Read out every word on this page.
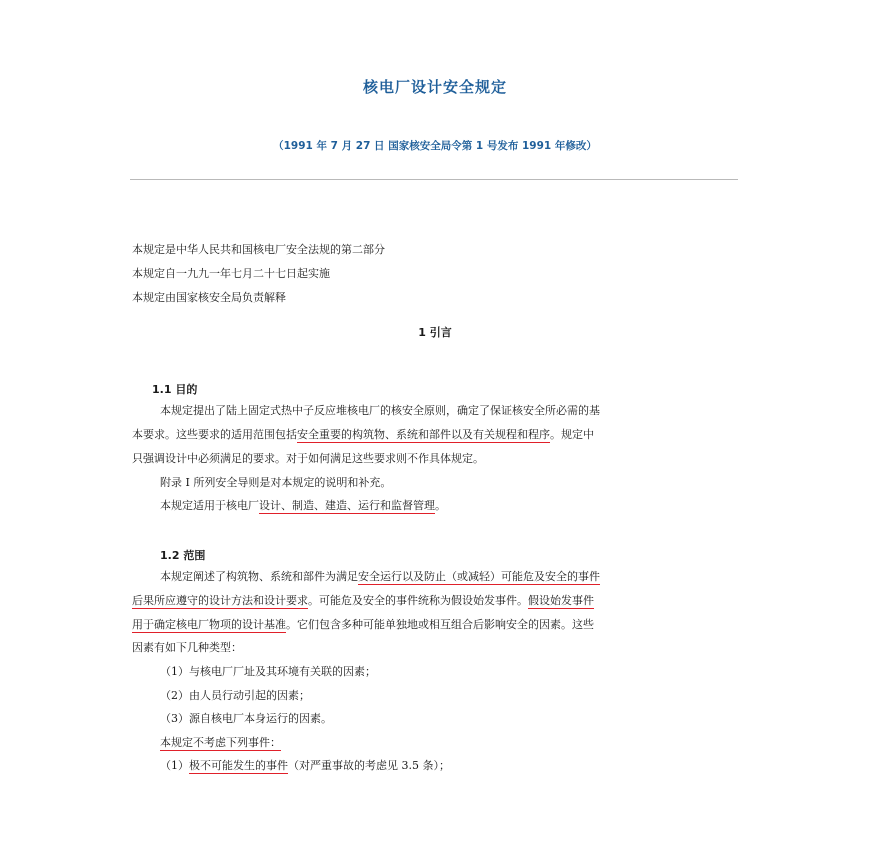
核电厂设计安全规定
（1991 年 7 月 27 日 国家核安全局令第 1 号发布 1991 年修改）
本规定是中华人民共和国核电厂安全法规的第二部分
本规定自一九九一年七月二十七日起实施
本规定由国家核安全局负责解释
1 引言
1.1 目的
本规定提出了陆上固定式热中子反应堆核电厂的核安全原则，确定了保证核安全所必需的基
本要求。这些要求的适用范围包括安全重要的构筑物、系统和部件以及有关规程和程序。规定中
只强调设计中必须满足的要求。对于如何满足这些要求则不作具体规定。
附录 I 所列安全导则是对本规定的说明和补充。
本规定适用于核电厂设计、制造、建造、运行和监督管理。
1.2 范围
本规定阐述了构筑物、系统和部件为满足安全运行以及防止（或减轻）可能危及安全的事件
后果所应遵守的设计方法和设计要求。可能危及安全的事件统称为假设始发事件。假设始发事件
用于确定核电厂物项的设计基准。它们包含多种可能单独地或相互组合后影响安全的因素。这些
因素有如下几种类型：
（1）与核电厂厂址及其环境有关联的因素；
（2）由人员行动引起的因素；
（3）源自核电厂本身运行的因素。
本规定不考虑下列事件：
（1）极不可能发生的事件（对严重事故的考虑见 3.5 条）；
